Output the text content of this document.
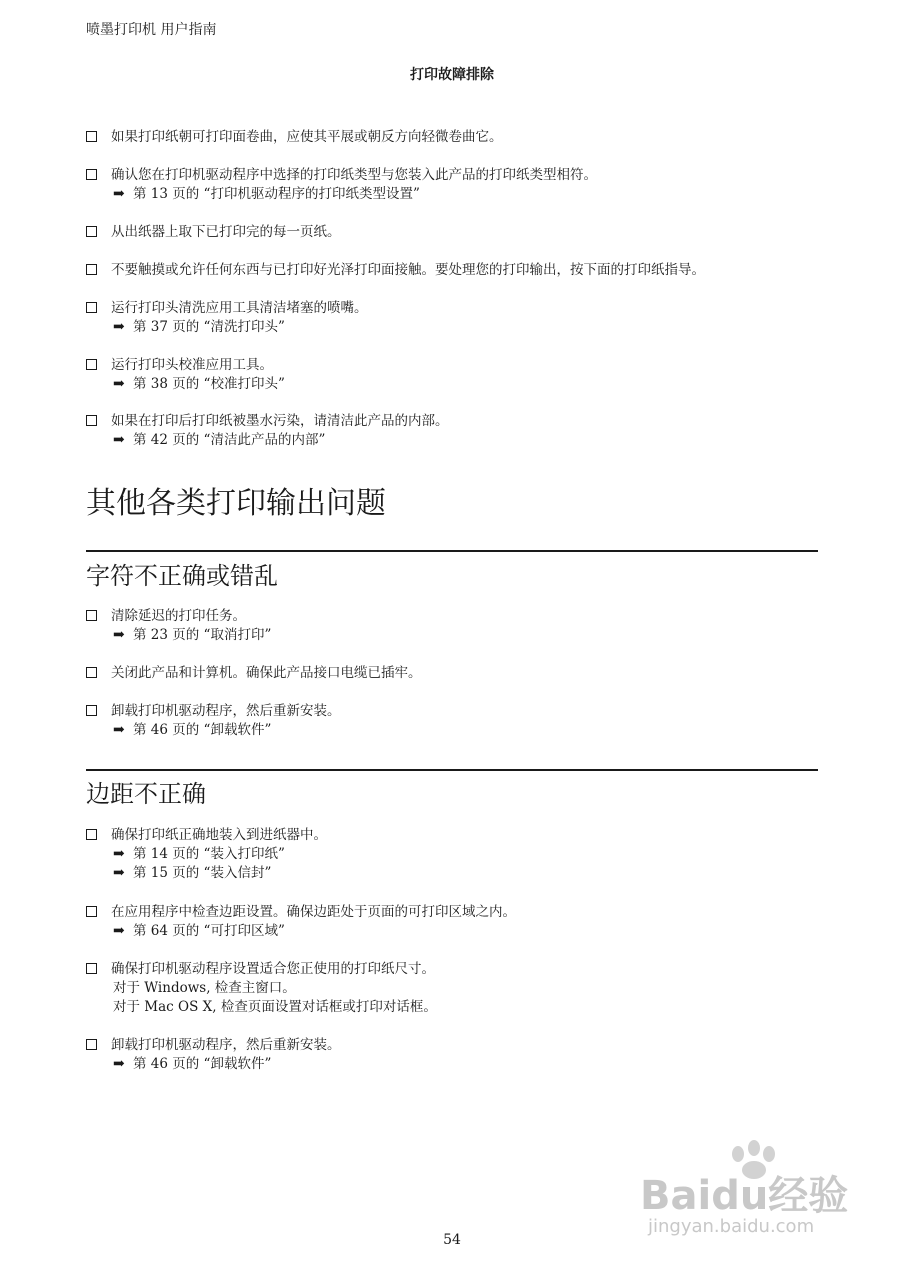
喷墨打印机 用户指南
打印故障排除
如果打印纸朝可打印面卷曲，应使其平展或朝反方向轻微卷曲它。
确认您在打印机驱动程序中选择的打印纸类型与您装入此产品的打印纸类型相符。
➡ 第 13 页的 “打印机驱动程序的打印纸类型设置”
从出纸器上取下已打印完的每一页纸。
不要触摸或允许任何东西与已打印好光泽打印面接触。要处理您的打印输出，按下面的打印纸指导。
运行打印头清洗应用工具清洁堵塞的喷嘴。
➡ 第 37 页的 “清洗打印头”
运行打印头校准应用工具。
➡ 第 38 页的 “校准打印头”
如果在打印后打印纸被墨水污染，请清洁此产品的内部。
➡ 第 42 页的 “清洁此产品的内部”
其他各类打印输出问题
字符不正确或错乱
清除延迟的打印任务。
➡ 第 23 页的 “取消打印”
关闭此产品和计算机。确保此产品接口电缆已插牢。
卸载打印机驱动程序，然后重新安装。
➡ 第 46 页的 “卸载软件”
边距不正确
确保打印纸正确地装入到进纸器中。
➡ 第 14 页的 “装入打印纸”
➡ 第 15 页的 “装入信封”
在应用程序中检查边距设置。确保边距处于页面的可打印区域之内。
➡ 第 64 页的 “可打印区域”
确保打印机驱动程序设置适合您正使用的打印纸尺寸。
对于 Windows, 检查主窗口。
对于 Mac OS X, 检查页面设置对话框或打印对话框。
卸载打印机驱动程序，然后重新安装。
➡ 第 46 页的 “卸载软件”
Baidu经验
jingyan.baidu.com
54
